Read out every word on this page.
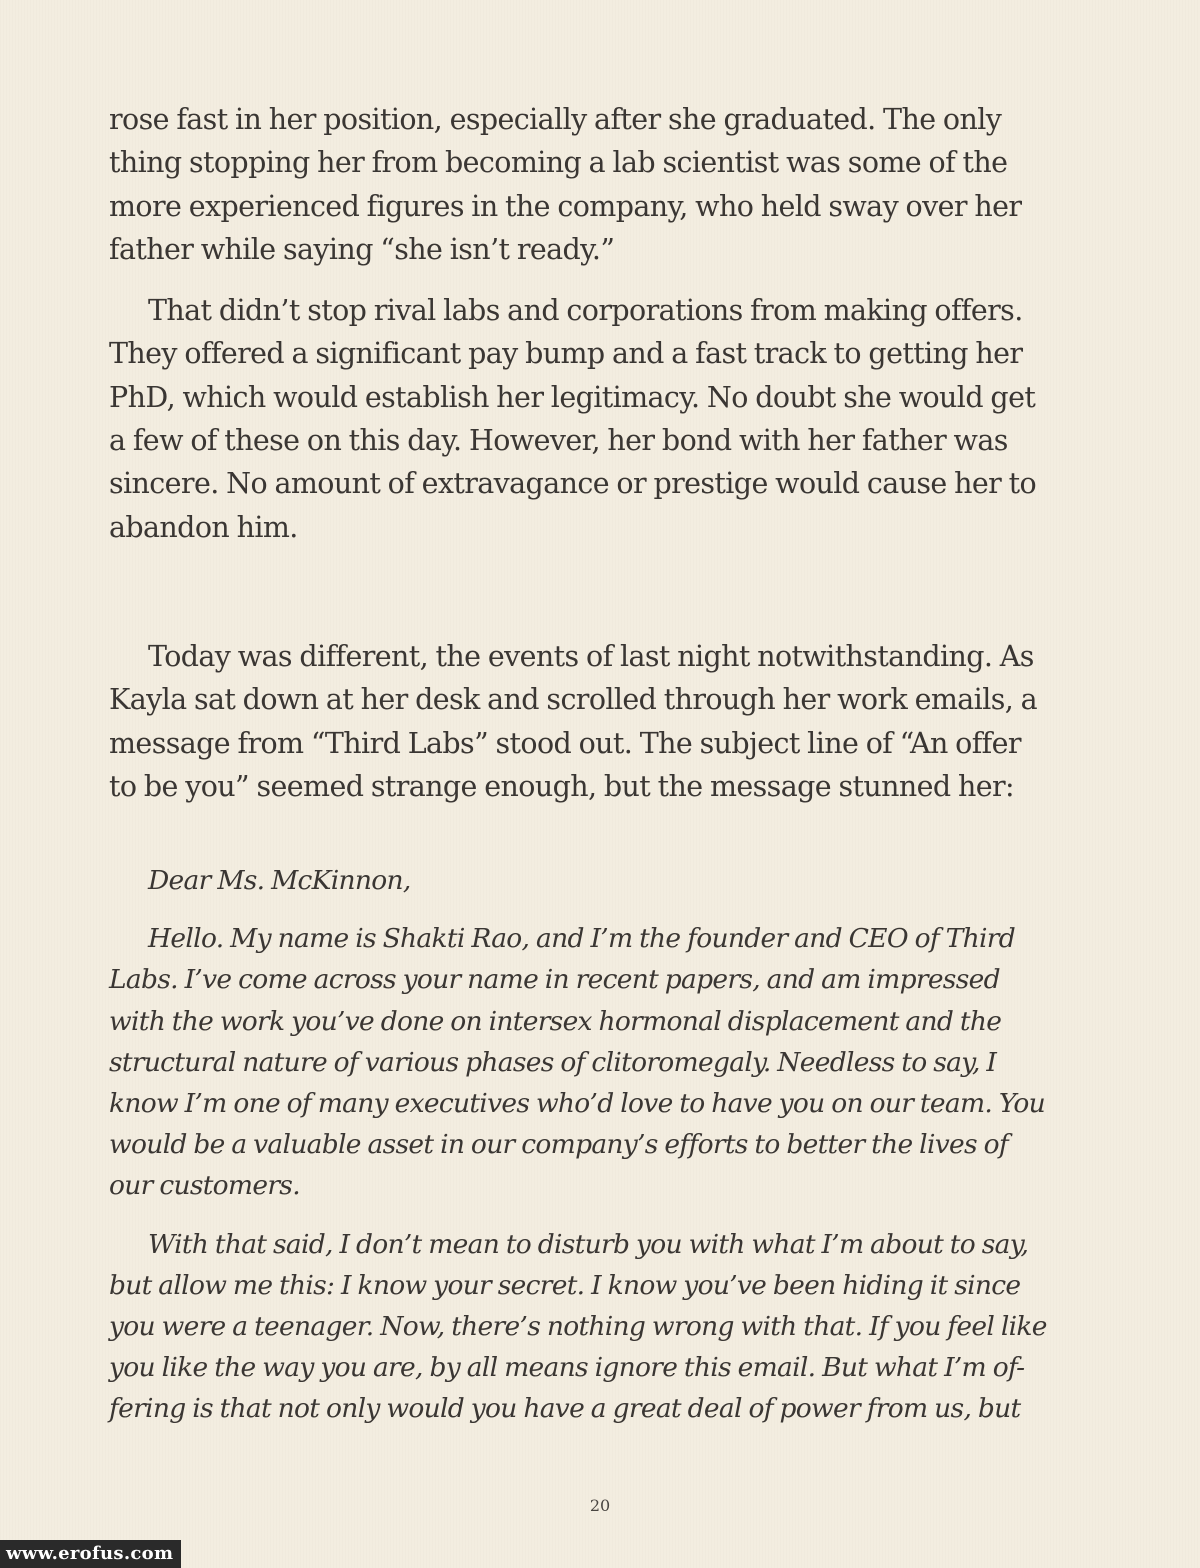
rose fast in her position, especially after she graduated. The only
thing stopping her from becoming a lab scientist was some of the
more experienced figures in the company, who held sway over her
father while saying “she isn’t ready.”

That didn’t stop rival labs and corporations from making offers.
They offered a significant pay bump and a fast track to getting her
PhD, which would establish her legitimacy. No doubt she would get
a few of these on this day. However, her bond with her father was
sincere. No amount of extravagance or prestige would cause her to
abandon him.

Today was different, the events of last night notwithstanding. As
Kayla sat down at her desk and scrolled through her work emails, a
message from “Third Labs” stood out. The subject line of “An offer
to be you” seemed strange enough, but the message stunned her:

Dear Ms. McKinnon,

Hello. My name is Shakti Rao, and I’m the founder and CEO of Third
Labs. I’ve come across your name in recent papers, and am impressed
with the work you’ve done on intersex hormonal displacement and the
structural nature of various phases of clitoromegaly. Needless to say, I
know I’m one of many executives who’d love to have you on our team. You
would be a valuable asset in our company’s efforts to better the lives of
our customers.

With that said, I don’t mean to disturb you with what I’m about to say,
but allow me this: I know your secret. I know you’ve been hiding it since
you were a teenager. Now, there’s nothing wrong with that. If you feel like
you like the way you are, by all means ignore this email. But what I’m of-
fering is that not only would you have a great deal of power from us, but

20
www.erofus.com
